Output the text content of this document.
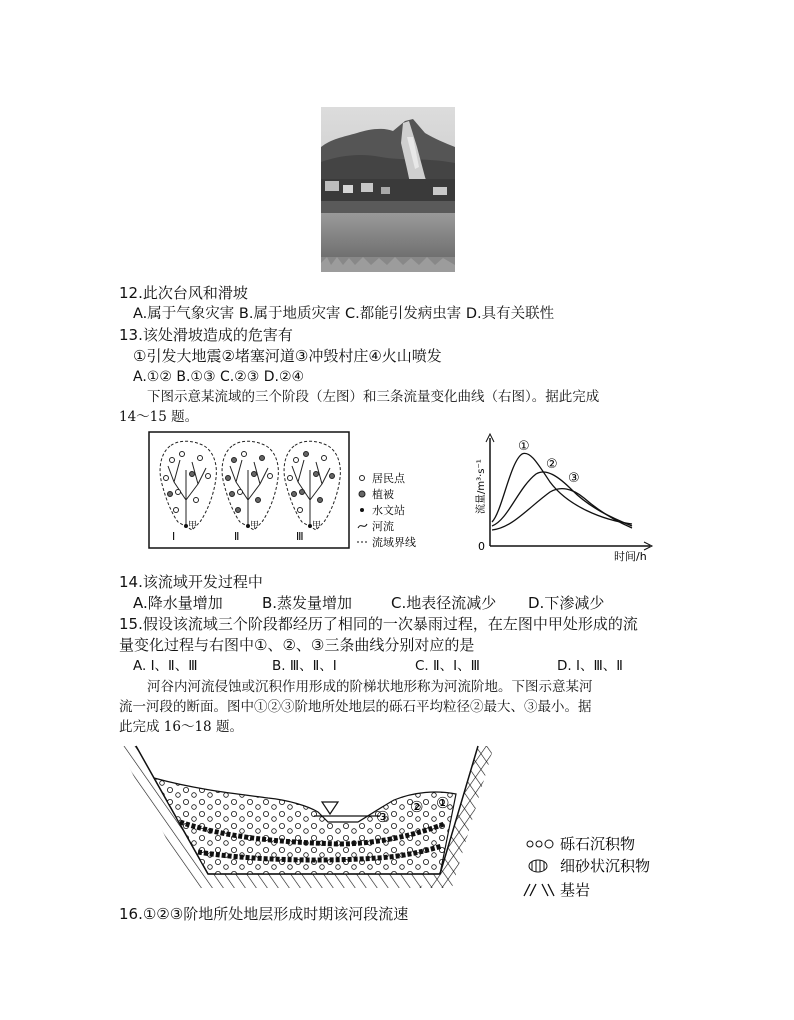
12.此次台风和滑坡
A.属于气象灾害 B.属于地质灾害 C.都能引发病虫害 D.具有关联性
13.该处滑坡造成的危害有
①引发大地震②堵塞河道③冲毁村庄④火山喷发
A.①② B.①③ C.②③ D.②④
下图示意某流域的三个阶段（左图）和三条流量变化曲线（右图）。据此完成
14～15 题。
甲
Ⅰ
甲
Ⅱ
甲
Ⅲ
居民点
植被
水文站
河流
流域界线	0
时间/h
流量/m³·s⁻¹
①
②
③
14.该流域开发过程中
A.降水量增加	B.蒸发量增加	C.地表径流减少 D.下渗减少
15.假设该流域三个阶段都经历了相同的一次暴雨过程，在左图中甲处形成的流
量变化过程与右图中①、②、③三条曲线分别对应的是
A. Ⅰ、Ⅱ、Ⅲ	B. Ⅲ、Ⅱ、Ⅰ	C. Ⅱ、Ⅰ、Ⅲ	D. Ⅰ、Ⅲ、Ⅱ
河谷内河流侵蚀或沉积作用形成的阶梯状地形称为河流阶地。下图示意某河
流一河段的断面。图中①②③阶地所处地层的砾石平均粒径②最大、③最小。据
此完成 16～18 题。
③
② ①
砾石沉积物
细砂状沉积物
基岩
16.①②③阶地所处地层形成时期该河段流速
